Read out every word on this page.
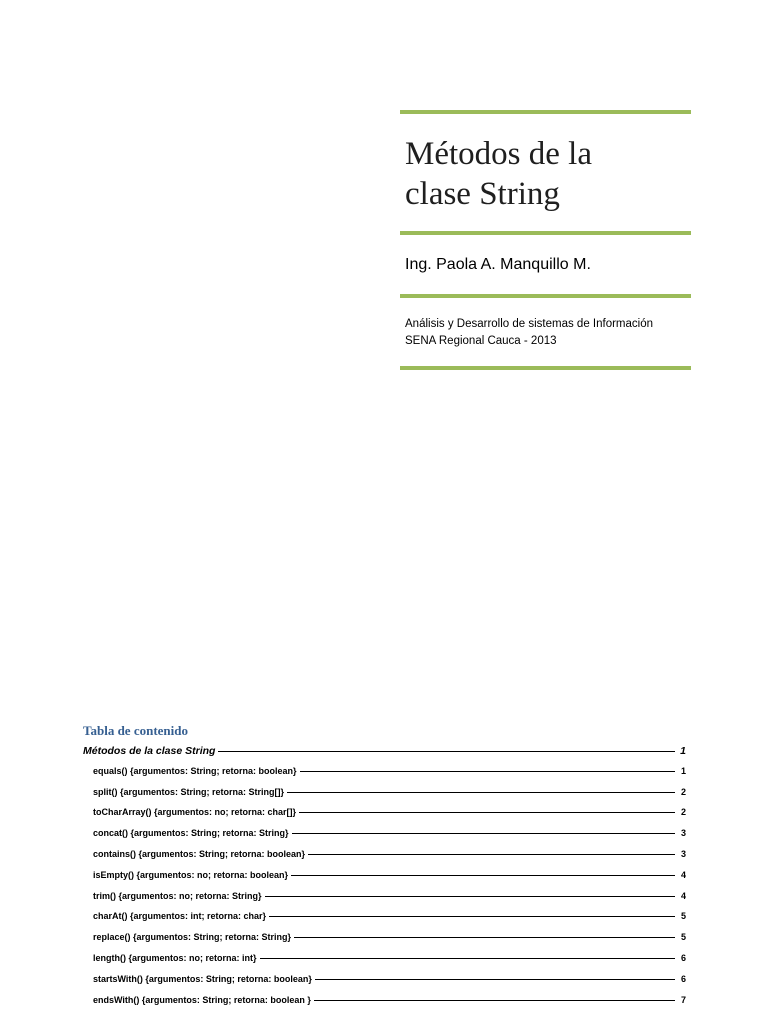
Métodos de la
clase String
Ing. Paola A. Manquillo M.
Análisis y Desarrollo de sistemas de Información
SENA Regional Cauca - 2013
Tabla de contenido
Métodos de la clase String	1
equals() {argumentos: String; retorna: boolean}	1
split() {argumentos: String; retorna: String[]}	2
toCharArray() {argumentos: no; retorna: char[]}	2
concat() {argumentos: String; retorna: String}	3
contains() {argumentos: String; retorna: boolean}	3
isEmpty() {argumentos: no; retorna: boolean}	4
trim() {argumentos: no; retorna: String}	4
charAt() {argumentos: int; retorna: char}	5
replace() {argumentos: String; retorna: String}	5
length() {argumentos: no; retorna: int}	6
startsWith() {argumentos: String; retorna: boolean}	6
endsWith() {argumentos: String; retorna: boolean }	7
